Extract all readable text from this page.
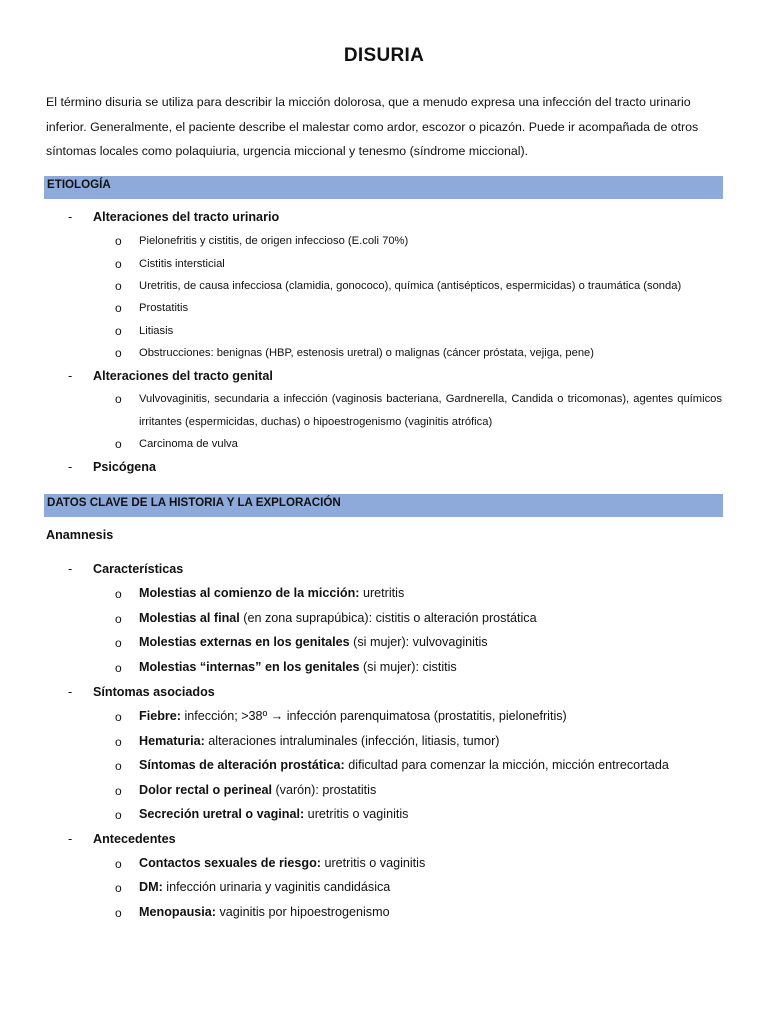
DISURIA
El término disuria se utiliza para describir la micción dolorosa, que a menudo expresa una infección del tracto urinario inferior. Generalmente, el paciente describe el malestar como ardor, escozor o picazón. Puede ir acompañada de otros síntomas locales como polaquiuria, urgencia miccional y tenesmo (síndrome miccional).
ETIOLOGÍA
- Alteraciones del tracto urinario
o Pielonefritis y cistitis, de origen infeccioso (E.coli 70%)
o Cistitis intersticial
o Uretritis, de causa infecciosa (clamidia, gonococo), química (antisépticos, espermicidas) o traumática (sonda)
o Prostatitis
o Litiasis
o Obstrucciones: benignas (HBP, estenosis uretral) o malignas (cáncer próstata, vejiga, pene)
- Alteraciones del tracto genital
o Vulvovaginitis, secundaria a infección (vaginosis bacteriana, Gardnerella, Candida o tricomonas), agentes químicos irritantes (espermicidas, duchas) o hipoestrogenismo (vaginitis atrófica)
o Carcinoma de vulva
- Psicógena
DATOS CLAVE DE LA HISTORIA Y LA EXPLORACIÓN
Anamnesis
- Características
o Molestias al comienzo de la micción: uretritis
o Molestias al final (en zona suprapúbica): cistitis o alteración prostática
o Molestias externas en los genitales (si mujer): vulvovaginitis
o Molestias “internas” en los genitales (si mujer): cistitis
- Síntomas asociados
o Fiebre: infección; >38º → infección parenquimatosa (prostatitis, pielonefritis)
o Hematuria: alteraciones intraluminales (infección, litiasis, tumor)
o Síntomas de alteración prostática: dificultad para comenzar la micción, micción entrecortada
o Dolor rectal o perineal (varón): prostatitis
o Secreción uretral o vaginal: uretritis o vaginitis
- Antecedentes
o Contactos sexuales de riesgo: uretritis o vaginitis
o DM: infección urinaria y vaginitis candidásica
o Menopausia: vaginitis por hipoestrogenismo
